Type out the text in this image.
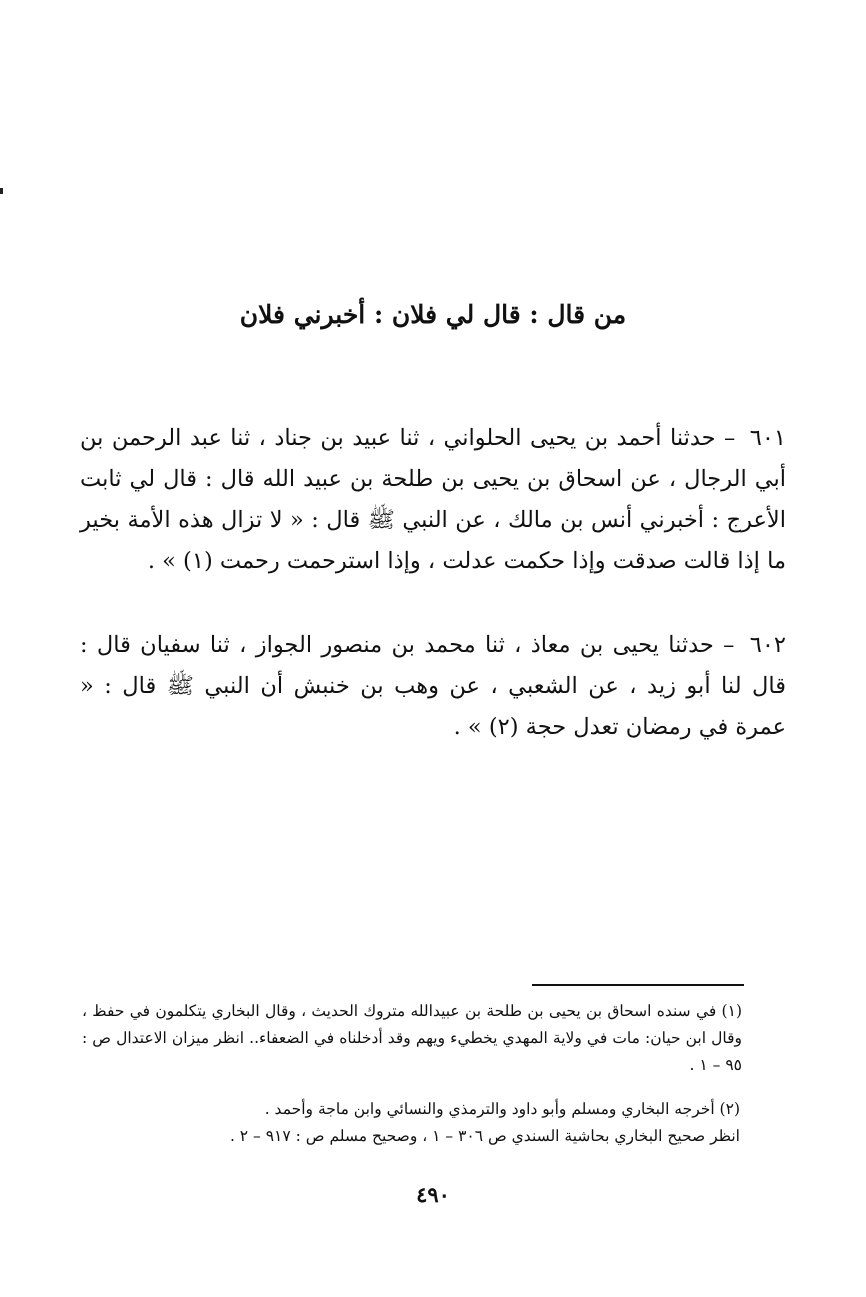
من قال : قال لي فلان : أخبرني فلان

٦٠١ – حدثنا أحمد بن يحيى الحلواني ، ثنا عبيد بن جناد ، ثنا عبد الرحمن بن أبي الرجال ، عن اسحاق بن يحيى بن طلحة بن عبيد الله قال : قال لي ثابت الأعرج : أخبرني أنس بن مالك ، عن النبي ﷺ قال : « لا تزال هذه الأمة بخير ما إذا قالت صدقت وإذا حكمت عدلت ، وإذا استرحمت رحمت (١) » .

٦٠٢ – حدثنا يحيى بن معاذ ، ثنا محمد بن منصور الجواز ، ثنا سفيان قال : قال لنا أبو زيد ، عن الشعبي ، عن وهب بن خنبش أن النبي ﷺ قال : « عمرة في رمضان تعدل حجة (٢) » .

(١) في سنده اسحاق بن يحيى بن طلحة بن عبيدالله متروك الحديث ، وقال البخاري يتكلمون في حفظ ، وقال ابن حيان: مات في ولاية المهدي يخطيء ويهم وقد أدخلناه في الضعفاء.. انظر ميزان الاعتدال ص : ٩٥ – ١ .

(٢) أخرجه البخاري ومسلم وأبو داود والترمذي والنسائي وابن ماجة وأحمد .
انظر صحيح البخاري بحاشية السندي ص ٣٠٦ – ١ ، وصحيح مسلم ص : ٩١٧ – ٢ .

٤٩٠
